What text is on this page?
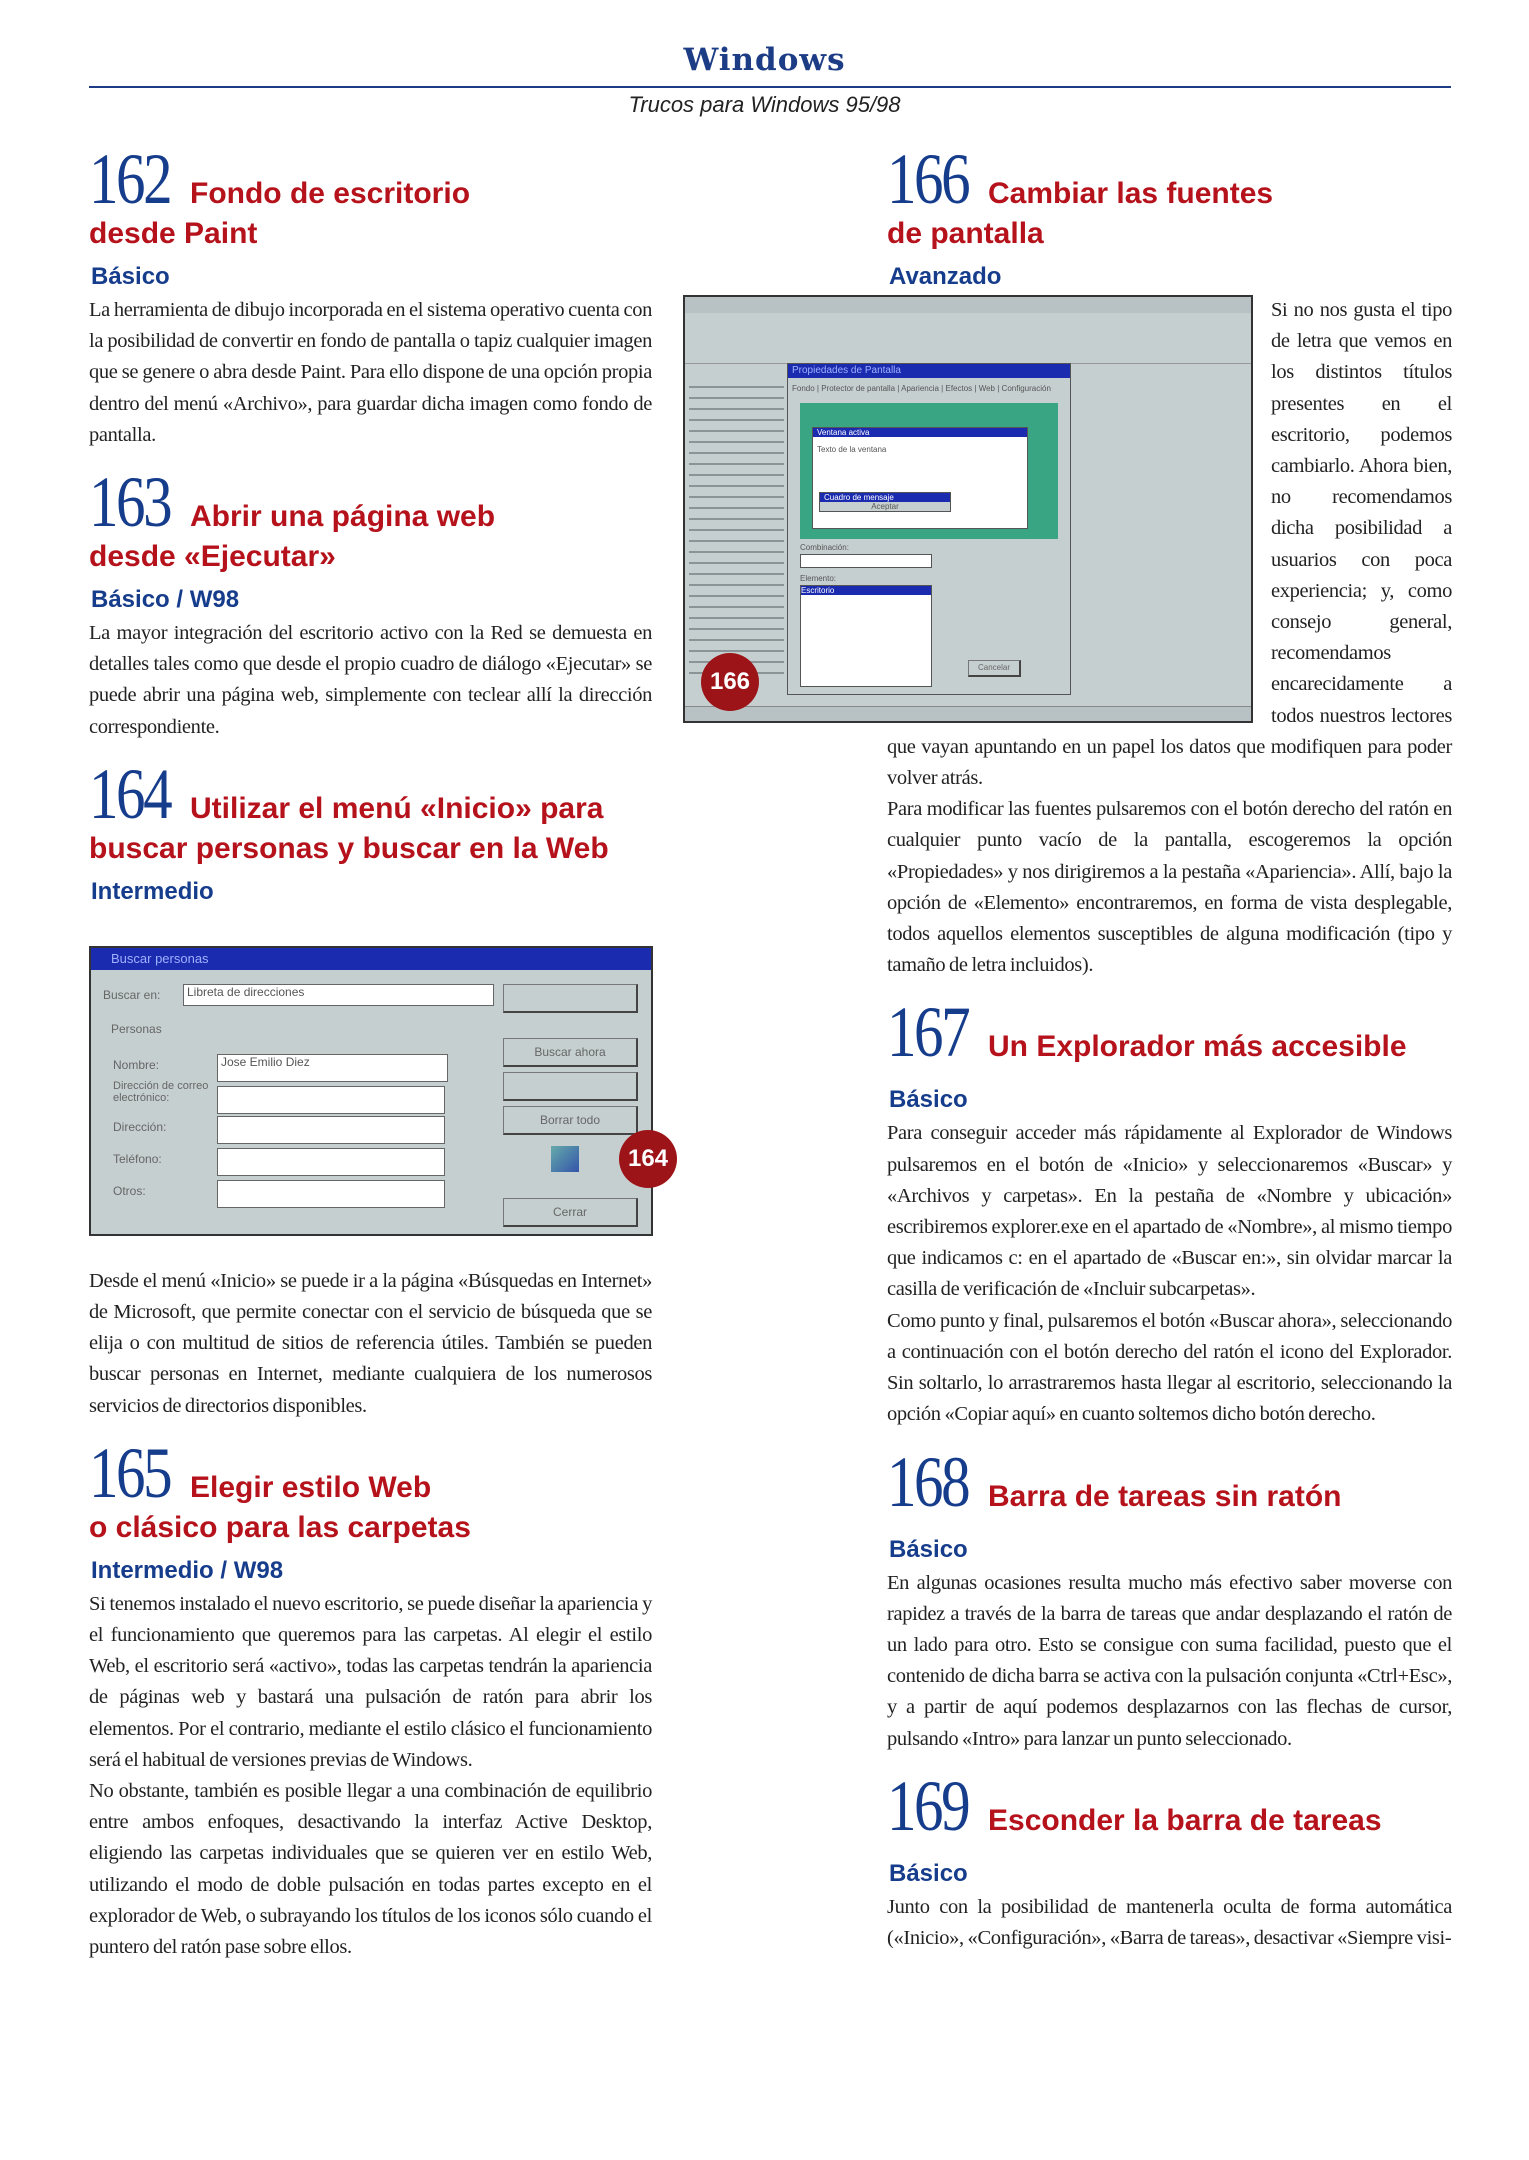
Windows
Trucos para Windows 95/98
162 Fondo de escritorio
desde Paint
Básico

La herramienta de dibujo incorporada en el sistema operativo cuenta con la posibilidad de convertir en fondo de pantalla o tapiz cualquier imagen que se genere o abra desde Paint. Para ello dispone de una opción propia dentro del menú «Archivo», para guardar dicha imagen como fondo de pantalla.

163 Abrir una página web
desde «Ejecutar»
Básico / W98

La mayor integración del escritorio activo con la Red se demuesta en detalles tales como que desde el propio cuadro de diálogo «Ejecutar» se puede abrir una página web, simplemente con teclear allí la dirección correspondiente.

164 Utilizar el menú «Inicio» para
buscar personas y buscar en la Web
Intermedio
Buscar personas
Buscar en:	Libreta de direcciones
Personas
Nombre:
Dirección de correo electrónico:
Dirección:
Teléfono:
Otros:
Jose Emilio Diez
Buscar ahora
Borrar todo
Cerrar
164

Desde el menú «Inicio» se puede ir a la página «Búsquedas en Internet» de Microsoft, que permite conectar con el servicio de búsqueda que se elija o con multitud de sitios de referencia útiles. También se pueden buscar personas en Internet, mediante cualquiera de los numerosos servicios de directorios disponibles.

165 Elegir estilo Web
o clásico para las carpetas
Intermedio / W98

Si tenemos instalado el nuevo escritorio, se puede diseñar la apariencia y el funcionamiento que queremos para las carpetas. Al elegir el estilo Web, el escritorio será «activo», todas las carpetas tendrán la apariencia de páginas web y bastará una pulsación de ratón para abrir los elementos. Por el contrario, mediante el estilo clásico el funcionamiento será el habitual de versiones previas de Windows.

No obstante, también es posible llegar a una combinación de equilibrio entre ambos enfoques, desactivando la interfaz Active Desktop, eligiendo las carpetas individuales que se quieren ver en estilo Web, utilizando el modo de doble pulsación en todas partes excepto en el explorador de Web, o subrayando los títulos de los iconos sólo cuando el puntero del ratón pase sobre ellos.

166 Cambiar las fuentes
de pantalla
Avanzado
Propiedades de Pantalla
Fondo | Protector de pantalla | Apariencia | Efectos | Web | Configuración
Ventana activa
Texto de la ventana
Cuadro de mensaje
Aceptar
Combinación:
Elemento:
Escritorio
Cancelar
166

Si no nos gusta el tipo de letra que vemos en los distintos títulos presentes en el escritorio, podemos cambiarlo. Ahora bien, no recomendamos dicha posibilidad a usuarios con poca experiencia; y, como consejo general, recomendamos encarecidamente a todos nuestros lectores que vayan apuntando en un papel los datos que modifiquen para poder volver atrás.

Para modificar las fuentes pulsaremos con el botón derecho del ratón en cualquier punto vacío de la pantalla, escogeremos la opción «Propiedades» y nos dirigiremos a la pestaña «Apariencia». Allí, bajo la opción de «Elemento» encontraremos, en forma de vista desplegable, todos aquellos elementos susceptibles de alguna modificación (tipo y tamaño de letra incluidos).

167 Un Explorador más accesible
Básico

Para conseguir acceder más rápidamente al Explorador de Windows pulsaremos en el botón de «Inicio» y seleccionaremos «Buscar» y «Archivos y carpetas». En la pestaña de «Nombre y ubicación» escribiremos explorer.exe en el apartado de «Nombre», al mismo tiempo que indicamos c: en el apartado de «Buscar en:», sin olvidar marcar la casilla de verificación de «Incluir subcarpetas».

Como punto y final, pulsaremos el botón «Buscar ahora», seleccionando a continuación con el botón derecho del ratón el icono del Explorador. Sin soltarlo, lo arrastraremos hasta llegar al escritorio, seleccionando la opción «Copiar aquí» en cuanto soltemos dicho botón derecho.

168 Barra de tareas sin ratón
Básico

En algunas ocasiones resulta mucho más efectivo saber moverse con rapidez a través de la barra de tareas que andar desplazando el ratón de un lado para otro. Esto se consigue con suma facilidad, puesto que el contenido de dicha barra se activa con la pulsación conjunta «Ctrl+Esc», y a partir de aquí podemos desplazarnos con las flechas de cursor, pulsando «Intro» para lanzar un punto seleccionado.

169 Esconder la barra de tareas
Básico

Junto con la posibilidad de mantenerla oculta de forma automática («Inicio», «Configuración», «Barra de tareas», desactivar «Siempre visi-
